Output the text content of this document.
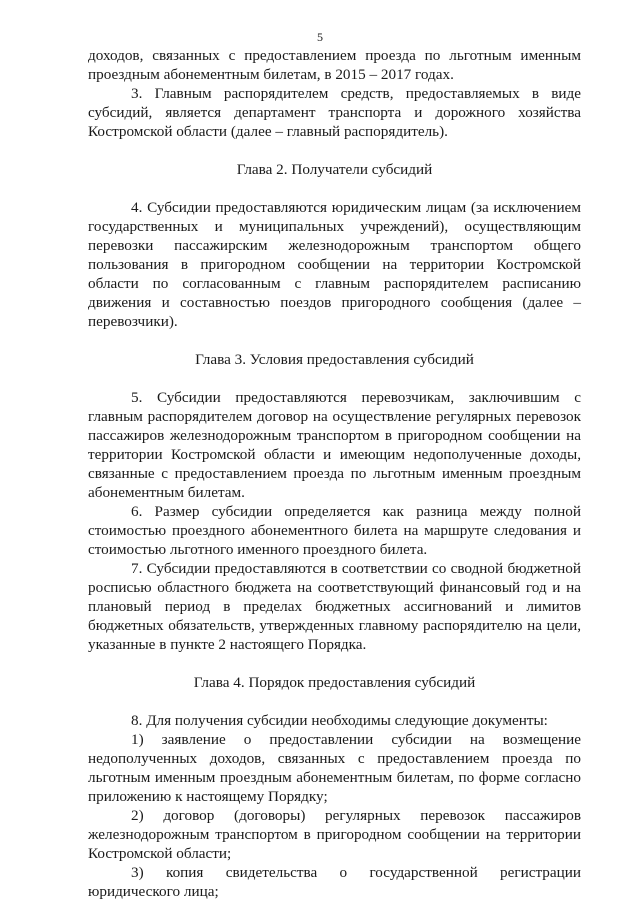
5

доходов, связанных с предоставлением проезда по льготным именным проездным абонементным билетам, в 2015 – 2017 годах.

3. Главным распорядителем средств, предоставляемых в виде субсидий, является департамент транспорта и дорожного хозяйства Костромской области (далее – главный распорядитель).

Глава 2. Получатели субсидий

4. Субсидии предоставляются юридическим лицам (за исключением государственных и муниципальных учреждений), осуществляющим перевозки пассажирским железнодорожным транспортом общего пользования в пригородном сообщении на территории Костромской области по согласованным с главным распорядителем расписанию движения и составностью поездов пригородного сообщения (далее – перевозчики).

Глава 3. Условия предоставления субсидий

5. Субсидии предоставляются перевозчикам, заключившим с главным распорядителем договор на осуществление регулярных перевозок пассажиров железнодорожным транспортом в пригородном сообщении на территории Костромской области и имеющим недополученные доходы, связанные с предоставлением проезда по льготным именным проездным абонементным билетам.

6. Размер субсидии определяется как разница между полной стоимостью проездного абонементного билета на маршруте следования и стоимостью льготного именного проездного билета.

7. Субсидии предоставляются в соответствии со сводной бюджетной росписью областного бюджета на соответствующий финансовый год и на плановый период в пределах бюджетных ассигнований и лимитов бюджетных обязательств, утвержденных главному распорядителю на цели, указанные в пункте 2 настоящего Порядка.

Глава 4. Порядок предоставления субсидий

8. Для получения субсидии необходимы следующие документы:

1) заявление о предоставлении субсидии на возмещение недополученных доходов, связанных с предоставлением проезда по льготным именным проездным абонементным билетам, по форме согласно приложению к настоящему Порядку;

2) договор (договоры) регулярных перевозок пассажиров железнодорожным транспортом в пригородном сообщении на территории Костромской области;

3) копия свидетельства о государственной регистрации юридического лица;
